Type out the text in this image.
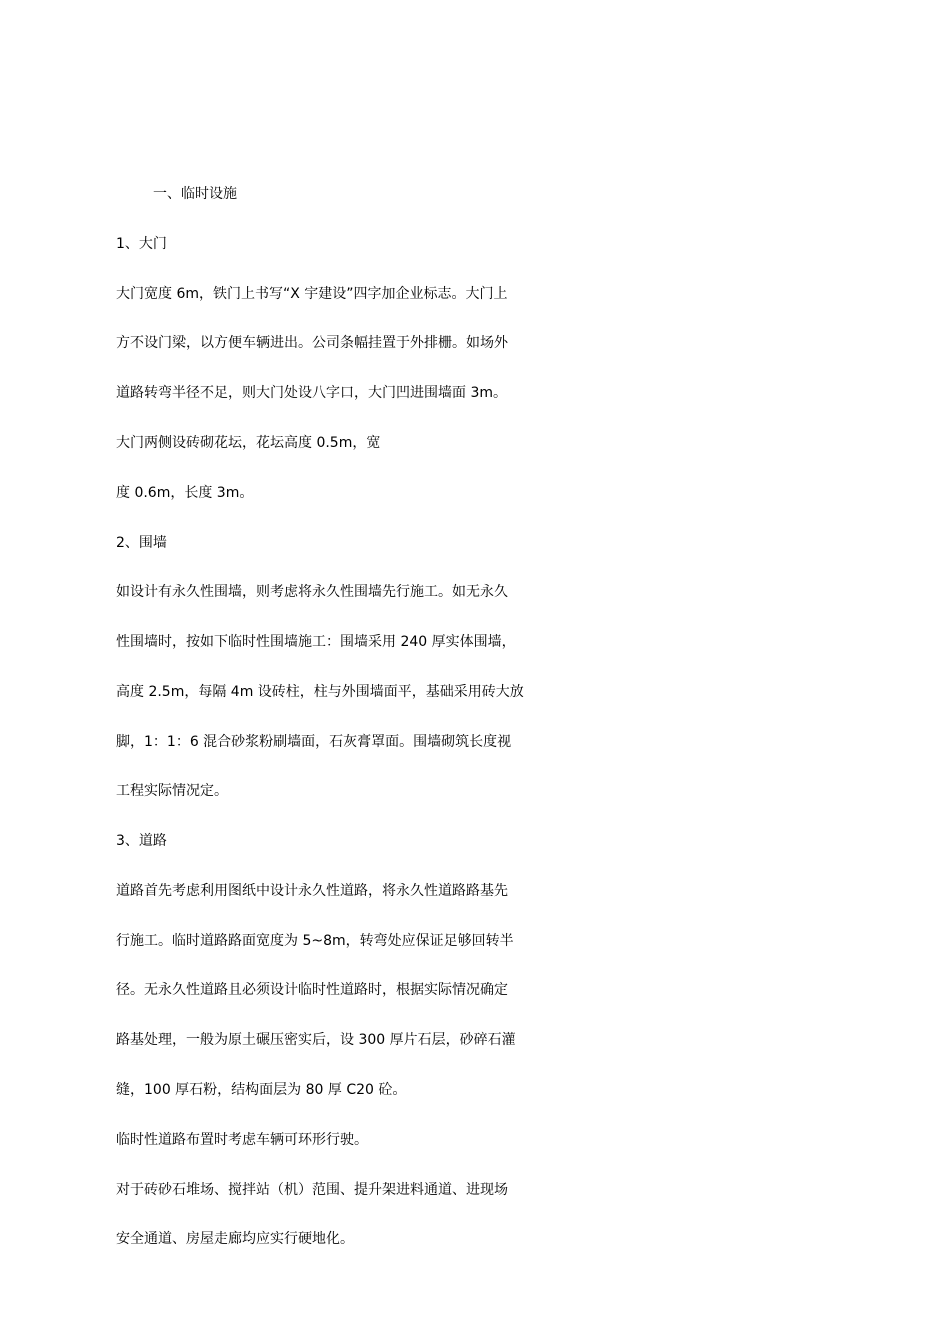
一、临时设施
1、大门
大门宽度 6m，铁门上书写“X 宇建设”四字加企业标志。大门上
方不设门梁，以方便车辆进出。公司条幅挂置于外排栅。如场外
道路转弯半径不足，则大门处设八字口，大门凹进围墙面 3m。
大门两侧设砖砌花坛，花坛高度 0.5m，宽
度 0.6m，长度 3m。
2、围墙
如设计有永久性围墙，则考虑将永久性围墙先行施工。如无永久
性围墙时，按如下临时性围墙施工：围墙采用 240 厚实体围墙，
高度 2.5m，每隔 4m 设砖柱，柱与外围墙面平，基础采用砖大放
脚，1：1：6 混合砂浆粉刷墙面，石灰膏罩面。围墙砌筑长度视
工程实际情况定。
3、道路
道路首先考虑利用图纸中设计永久性道路，将永久性道路路基先
行施工。临时道路路面宽度为 5~8m，转弯处应保证足够回转半
径。无永久性道路且必须设计临时性道路时，根据实际情况确定
路基处理，一般为原土碾压密实后，设 300 厚片石层，砂碎石灌
缝，100 厚石粉，结构面层为 80 厚 C20 砼。
临时性道路布置时考虑车辆可环形行驶。
对于砖砂石堆场、搅拌站（机）范围、提升架进料通道、进现场
安全通道、房屋走廊均应实行硬地化。
